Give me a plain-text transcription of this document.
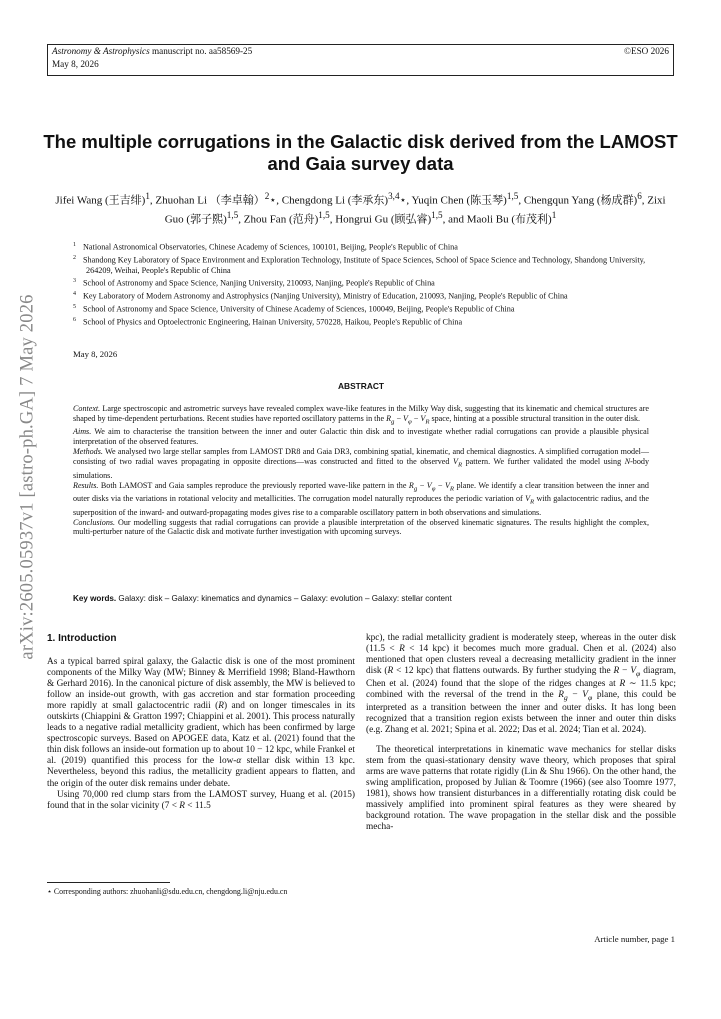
arXiv:2605.05937v1 [astro-ph.GA] 7 May 2026
Astronomy & Astrophysics manuscript no. aa58569-25
May 8, 2026
©ESO 2026
The multiple corrugations in the Galactic disk derived from the LAMOST and Gaia survey data
Jifei Wang (王吉绯)$^1$, Zhuohan Li （李卓翰）$^2$⋆, Chengdong Li (李承东)$^{3,4}$⋆, Yuqin Chen (陈玉琴)$^{1,5}$, Chengqun Yang (杨成群)$^6$, Zixi Guo (郭子熙)$^{1,5}$, Zhou Fan (范舟)$^{1,5}$, Hongrui Gu (顾弘睿)$^{1,5}$, and Maoli Bu (布茂利)$^1$
$^1$ National Astronomical Observatories, Chinese Academy of Sciences, 100101, Beijing, People's Republic of China
$^2$ Shandong Key Laboratory of Space Environment and Exploration Technology, Institute of Space Sciences, School of Space Science and Technology, Shandong University, 264209, Weihai, People's Republic of China
$^3$ School of Astronomy and Space Science, Nanjing University, 210093, Nanjing, People's Republic of China
$^4$ Key Laboratory of Modern Astronomy and Astrophysics (Nanjing University), Ministry of Education, 210093, Nanjing, People's Republic of China
$^5$ School of Astronomy and Space Science, University of Chinese Academy of Sciences, 100049, Beijing, People's Republic of China
$^6$ School of Physics and Optoelectronic Engineering, Hainan University, 570228, Haikou, People's Republic of China
May 8, 2026
ABSTRACT

Context. Large spectroscopic and astrometric surveys have revealed complex wave-like features in the Milky Way disk, suggesting that its kinematic and chemical structures are shaped by time-dependent perturbations. Recent studies have reported oscillatory patterns in the $R_g - V_\varphi - V_R$ space, hinting at a possible structural transition in the outer disk.

Aims. We aim to characterise the transition between the inner and outer Galactic thin disk and to investigate whether radial corrugations can provide a plausible physical interpretation of the observed features.

Methods. We analysed two large stellar samples from LAMOST DR8 and Gaia DR3, combining spatial, kinematic, and chemical diagnostics. A simplified corrugation model—consisting of two radial waves propagating in opposite directions—was constructed and fitted to the observed $V_R$ pattern. We further validated the model using N-body simulations.

Results. Both LAMOST and Gaia samples reproduce the previously reported wave-like pattern in the $R_g - V_\varphi - V_R$ plane. We identify a clear transition between the inner and outer disks via the variations in rotational velocity and metallicities. The corrugation model naturally reproduces the periodic variation of $V_R$ with galactocentric radius, and the superposition of the inward- and outward-propagating modes gives rise to a comparable oscillatory pattern in both observations and simulations.

Conclusions. Our modelling suggests that radial corrugations can provide a plausible interpretation of the observed kinematic signatures. The results highlight the complex, multi-perturber nature of the Galactic disk and motivate further investigation with upcoming surveys.

Key words. Galaxy: disk – Galaxy: kinematics and dynamics – Galaxy: evolution – Galaxy: stellar content
1. Introduction

As a typical barred spiral galaxy, the Galactic disk is one of the most prominent components of the Milky Way (MW; Binney & Merrifield 1998; Bland-Hawthorn & Gerhard 2016). In the canonical picture of disk assembly, the MW is believed to follow an inside-out growth, with gas accretion and star formation proceeding more rapidly at small galactocentric radii (R) and on longer timescales in its outskirts (Chiappini & Gratton 1997; Chiappini et al. 2001). This process naturally leads to a negative radial metallicity gradient, which has been confirmed by large spectroscopic surveys. Based on APOGEE data, Katz et al. (2021) found that the thin disk follows an inside-out formation up to about 10 − 12 kpc, while Frankel et al. (2019) quantified this process for the low-α stellar disk within 13 kpc. Nevertheless, beyond this radius, the metallicity gradient appears to flatten, and the origin of the outer disk remains under debate.

Using 70,000 red clump stars from the LAMOST survey, Huang et al. (2015) found that in the solar vicinity (7 < R < 11.5

kpc), the radial metallicity gradient is moderately steep, whereas in the outer disk (11.5 < R < 14 kpc) it becomes much more gradual. Chen et al. (2024) also mentioned that open clusters reveal a decreasing metallicity gradient in the inner disk (R < 12 kpc) that flattens outwards. By further studying the $R - V_\varphi$ diagram, Chen et al. (2024) found that the slope of the ridges changes at R ∼ 11.5 kpc; combined with the reversal of the trend in the $R_g - V_\varphi$ plane, this could be interpreted as a transition between the inner and outer disks. It has long been recognized that a transition region exists between the inner and outer thin disks (e.g. Zhang et al. 2021; Spina et al. 2022; Das et al. 2024; Tian et al. 2024).

The theoretical interpretations in kinematic wave mechanics for stellar disks stem from the quasi-stationary density wave theory, which proposes that spiral arms are wave patterns that rotate rigidly (Lin & Shu 1966). On the other hand, the swing amplification, proposed by Julian & Toomre (1966) (see also Toomre 1977, 1981), shows how transient disturbances in a differentially rotating disk could be massively amplified into prominent spiral features as they were sheared by background rotation. The wave propagation in the stellar disk and the possible mecha-

⋆ Corresponding authors: zhuohanli@sdu.edu.cn, chengdong.li@nju.edu.cn
Article number, page 1
